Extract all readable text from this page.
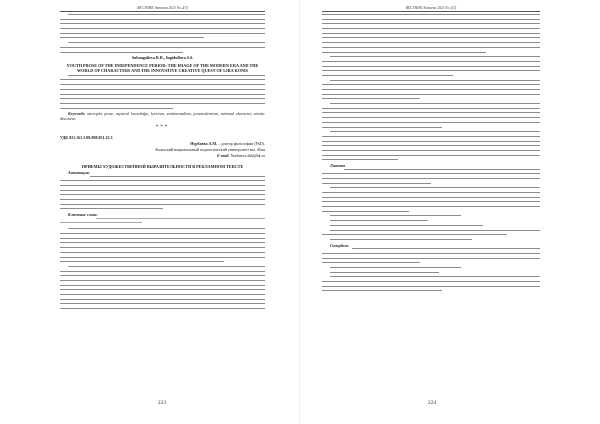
ВЕСТНИК Актаева 2023 No 2(3)

Sultangalieva R.R., Sagidullova S.S.

YOUTH PROSE OF THE INDEPENDENCE PERIOD: THE IMAGE OF THE MODERN ERA AND THE WORLD OF CHARACTERS AND THE INNOVATIVE CREATIVE QUEST OF LIRA KONIS

Keywords: microplot prose, mystical knowledge, lyricism, sentimentalism, postmodernism, national character, artistic discourse.

***

УДК 821.161.1.09:808.051.23.3

Нурбаева А.М. – доктор философии (PhD),

Казахский национальный педагогический университет им. Абая

E-mail: Nurbaeva.akk@bk.ru

ПРИЕМЫ ХУДОЖЕСТВЕННОЙ ВЫРАЗИТЕЛЬНОСТИ В РЕКЛАМНОМ ТЕКСТЕ

Аннотация.

Ключевые слова:

223
ВЕСТНИК Актаева 2023 No 2(3)

Литота

Гипербола

224
